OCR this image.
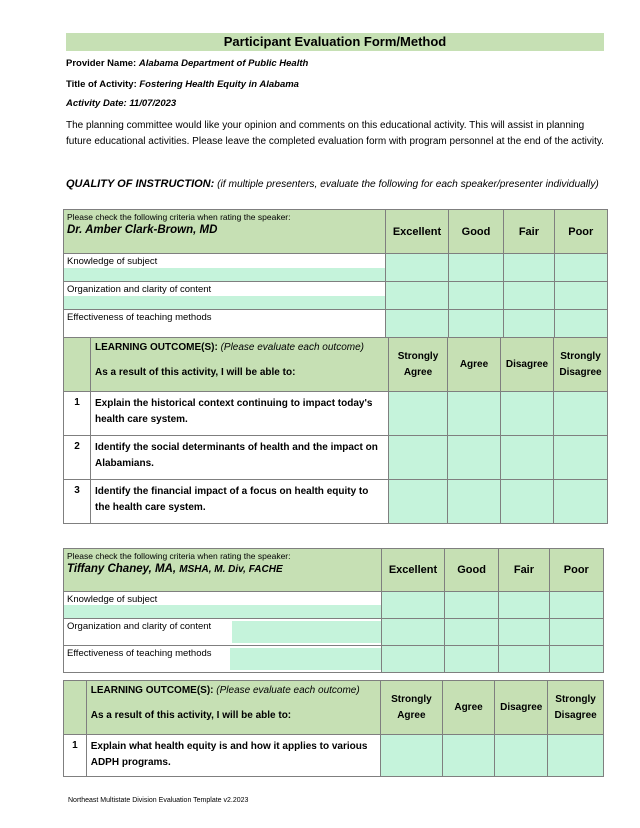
Participant Evaluation Form/Method
Provider Name: Alabama Department of Public Health
Title of Activity: Fostering Health Equity in Alabama
Activity Date: 11/07/2023
The planning committee would like your opinion and comments on this educational activity. This will assist in planning future educational activities. Please leave the completed evaluation form with program personnel at the end of the activity.
QUALITY OF INSTRUCTION: (if multiple presenters, evaluate the following for each speaker/presenter individually)
Please check the following criteria when rating the speaker:
Dr. Amber Clark-Brown, MD	Excellent	Good	Fair	Poor

Knowledge of subject				

Organization and clarity of content				

Effectiveness of teaching methods				

	LEARNING OUTCOME(S): (Please evaluate each outcome)
As a result of this activity, I will be able to:	Strongly Agree	Agree	Disagree	Strongly Disagree
1	Explain the historical context continuing to impact today's health care system.				
2	Identify the social determinants of health and the impact on Alabamians.				
3	Identify the financial impact of a focus on health equity to the health care system.				
Please check the following criteria when rating the speaker:
Tiffany Chaney, MA, MSHA, M. Div, FACHE	Excellent	Good	Fair	Poor

Knowledge of subject				

Organization and clarity of content				

Effectiveness of teaching methods				

	LEARNING OUTCOME(S): (Please evaluate each outcome)
As a result of this activity, I will be able to:	Strongly Agree	Agree	Disagree	Strongly Disagree
1	Explain what health equity is and how it applies to various ADPH programs.				
Northeast Multistate Division Evaluation Template v2.2023
